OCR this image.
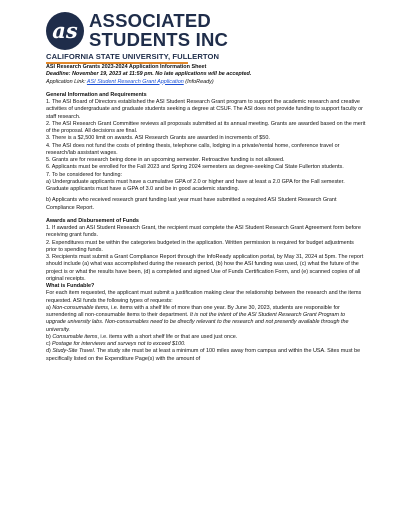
as ASSOCIATED
STUDENTS INC
CALIFORNIA STATE UNIVERSITY, FULLERTON

ASI Research Grants 2023-2024 Application Information Sheet

Deadline: November 19, 2023 at 11:59 pm. No late applications will be accepted.

Application Link: ASI Student Research Grant Application (InfoReady)

General Information and Requirements

1. The ASI Board of Directors established the ASI Student Research Grant program to support the academic research and creative activities of undergraduate and graduate students seeking a degree at CSUF. The ASI does not provide funding to support faculty or staff research.

2. The ASI Research Grant Committee reviews all proposals submitted at its annual meeting. Grants are awarded based on the merit of the proposal. All decisions are final.

3. There is a $2,500 limit on awards. ASI Research Grants are awarded in increments of $50.

4. The ASI does not fund the costs of printing thesis, telephone calls, lodging in a private/rental home, conference travel or research/lab assistant wages.

5. Grants are for research being done in an upcoming semester. Retroactive funding is not allowed.

6. Applicants must be enrolled for the Fall 2023 and Spring 2024 semesters as degree-seeking Cal State Fullerton students.

7. To be considered for funding:

a) Undergraduate applicants must have a cumulative GPA of 2.0 or higher and have at least a 2.0 GPA for the Fall semester. Graduate applicants must have a GPA of 3.0 and be in good academic standing.

b) Applicants who received research grant funding last year must have submitted a required ASI Student Research Grant Compliance Report.

Awards and Disbursement of Funds

1. If awarded an ASI Student Research Grant, the recipient must complete the ASI Student Research Grant Agreement form before receiving grant funds.

2. Expenditures must be within the categories budgeted in the application. Written permission is required for budget adjustments prior to spending funds.

3. Recipients must submit a Grant Compliance Report through the InfoReady application portal, by May 31, 2024 at 5pm. The report should include (a) what was accomplished during the research period, (b) how the ASI funding was used, (c) what the future of the project is or what the results have been, (d) a completed and signed Use of Funds Certification Form, and (e) scanned copies of all original receipts.

What is Fundable?

For each item requested, the applicant must submit a justification making clear the relationship between the research and the items requested. ASI funds the following types of requests:

a) Non-consumable items, i.e. items with a shelf life of more than one year. By June 30, 2023, students are responsible for surrendering all non-consumable items to their department. It is not the intent of the ASI Student Research Grant Program to upgrade university labs. Non-consumables need to be directly relevant to the research and not presently available through the university.

b) Consumable items, i.e. items with a short shelf life or that are used just once.

c) Postage for interviews and surveys not to exceed $100.

d) Study-Site Travel. The study site must be at least a minimum of 100 miles away from campus and within the USA. Sites must be specifically listed on the Expenditure Page(s) with the amount of
